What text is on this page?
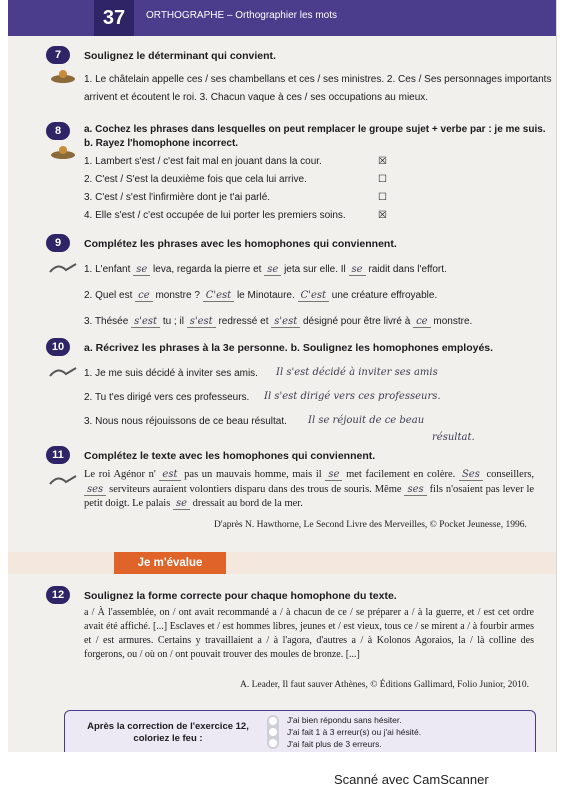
37	ORTHOGRAPHE – Orthographier les mots
7	Soulignez le déterminant qui convient.
1. Le châtelain appelle ces / ses chambellans et ces / ses ministres. 2. Ces / Ses personnages importants
arrivent et écoutent le roi. 3. Chacun vaque à ces / ses occupations au mieux.
8	a. Cochez les phrases dans lesquelles on peut remplacer le groupe sujet + verbe par : je me suis.
b. Rayez l'homophone incorrect.
1. Lambert s'est / c'est fait mal en jouant dans la cour.	☒
2. C'est / S'est la deuxième fois que cela lui arrive.	☐
3. C'est / s'est l'infirmière dont je t'ai parlé.	☐
4. Elle s'est / c'est occupée de lui porter les premiers soins.	☒
9	Complétez les phrases avec les homophones qui conviennent.
1. L'enfant se leva, regarda la pierre et se jeta sur elle. Il se raidit dans l'effort.
2. Quel est ce monstre ? C'est le Minotaure. C'est une créature effroyable.
3. Thésée s'est tu ; il s'est redressé et s'est désigné pour être livré à ce monstre.
10	a. Récrivez les phrases à la 3e personne. b. Soulignez les homophones employés.
1. Je me suis décidé à inviter ses amis. Il s'est décidé à inviter ses amis
2. Tu t'es dirigé vers ces professeurs. Il s'est dirigé vers ces professeurs.
3. Nous nous réjouissons de ce beau résultat. Il se réjouit de ce beau
résultat.
11	Complétez le texte avec les homophones qui conviennent.
Le roi Agénor n' est pas un mauvais homme, mais il se met facilement en colère. Ses conseillers, ses serviteurs auraient volontiers disparu dans des trous de souris. Même ses fils n'osaient pas lever le petit doigt. Le palais se dressait au bord de la mer.
D'après N. Hawthorne, Le Second Livre des Merveilles, © Pocket Jeunesse, 1996.
Je m'évalue
12	Soulignez la forme correcte pour chaque homophone du texte.
a / À l'assemblée, on / ont avait recommandé a / à chacun de ce / se préparer a / à la guerre, et / est cet ordre avait été affiché. [...] Esclaves et / est hommes libres, jeunes et / est vieux, tous ce / se mirent a / à fourbir armes et / est armures. Certains y travaillaient a / à l'agora, d'autres a / à Kolonos Agoraios, la / là colline des forgerons, ou / où on / ont pouvait trouver des moules de bronze. [...]
A. Leader, Il faut sauver Athènes, © Éditions Gallimard, Folio Junior, 2010.
Après la correction de l'exercice 12, coloriez le feu :
J'ai bien répondu sans hésiter.
J'ai fait 1 à 3 erreur(s) ou j'ai hésité.
J'ai fait plus de 3 erreurs.
Scanné avec CamScanner
